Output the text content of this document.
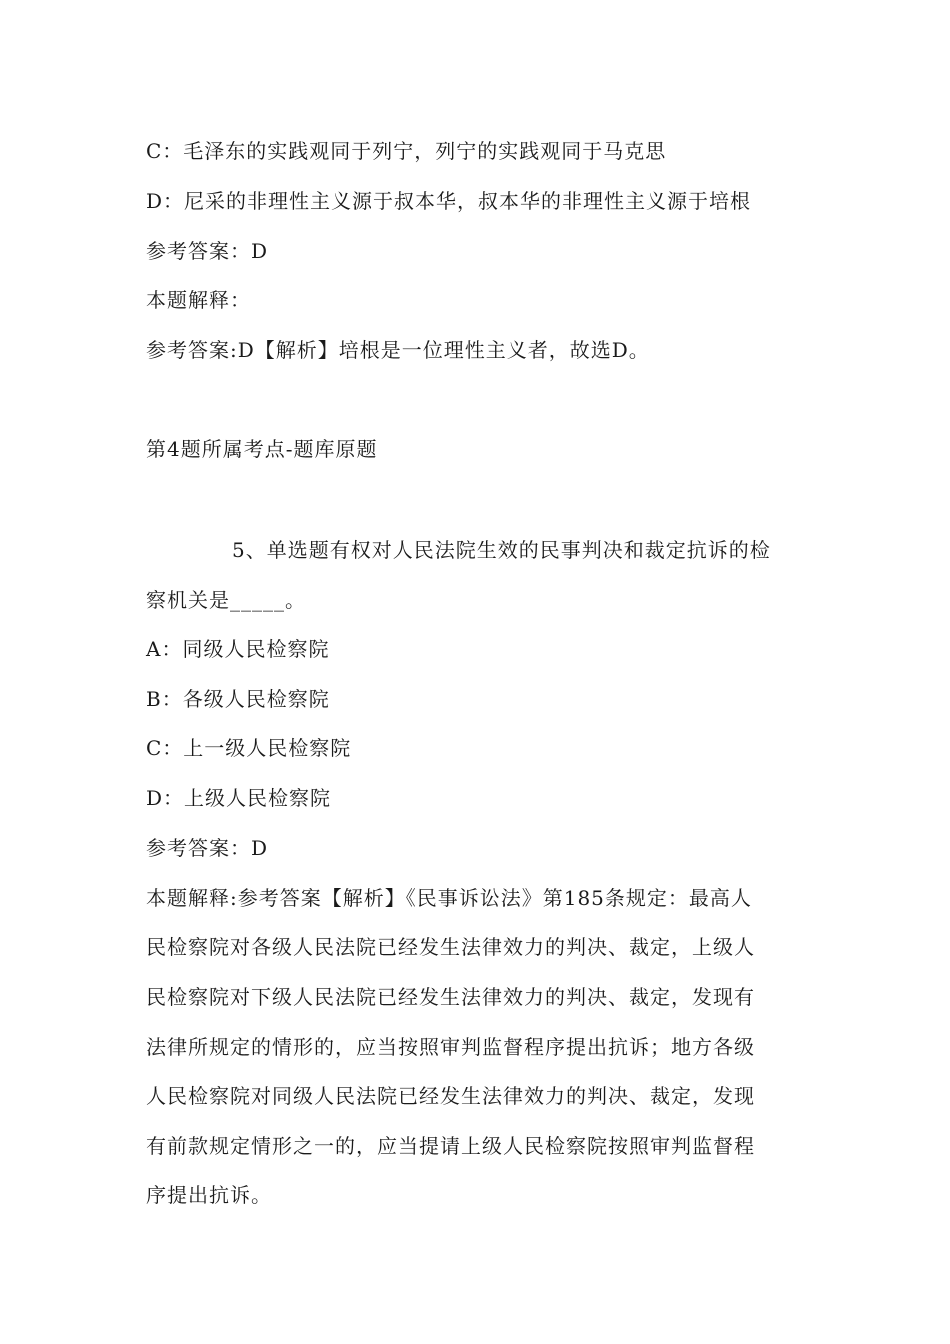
C：毛泽东的实践观同于列宁，列宁的实践观同于马克思
D：尼采的非理性主义源于叔本华，叔本华的非理性主义源于培根
参考答案：D
本题解释：
参考答案:D【解析】培根是一位理性主义者，故选D。
第4题所属考点-题库原题
5、单选题有权对人民法院生效的民事判决和裁定抗诉的检
察机关是_____。
A：同级人民检察院
B：各级人民检察院
C：上一级人民检察院
D：上级人民检察院
参考答案：D
本题解释:参考答案【解析】《民事诉讼法》第185条规定：最高人
民检察院对各级人民法院已经发生法律效力的判决、裁定，上级人
民检察院对下级人民法院已经发生法律效力的判决、裁定，发现有
法律所规定的情形的，应当按照审判监督程序提出抗诉；地方各级
人民检察院对同级人民法院已经发生法律效力的判决、裁定，发现
有前款规定情形之一的，应当提请上级人民检察院按照审判监督程
序提出抗诉。
